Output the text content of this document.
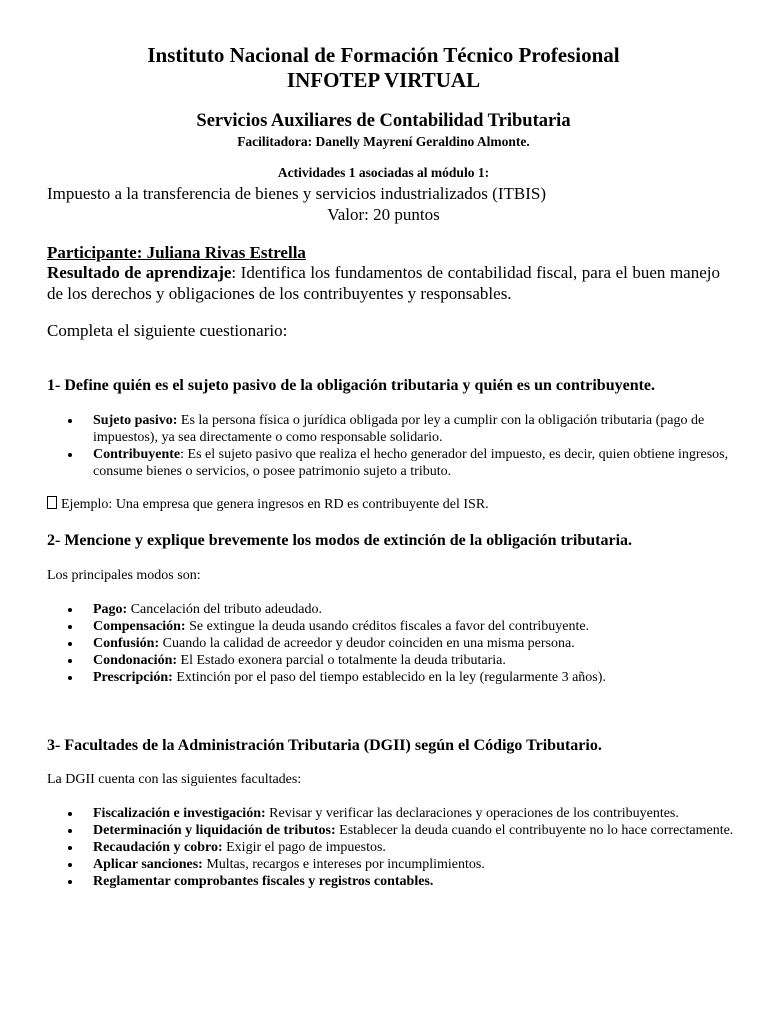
Instituto Nacional de Formación Técnico Profesional
INFOTEP VIRTUAL
Servicios Auxiliares de Contabilidad Tributaria
Facilitadora: Danelly Mayrení Geraldino Almonte.
Actividades 1 asociadas al módulo 1:
Impuesto a la transferencia de bienes y servicios industrializados (ITBIS)
Valor: 20 puntos
Participante: Juliana Rivas Estrella
Resultado de aprendizaje: Identifica los fundamentos de contabilidad fiscal, para el buen manejo de los derechos y obligaciones de los contribuyentes y responsables.
Completa el siguiente cuestionario:
1- Define quién es el sujeto pasivo de la obligación tributaria y quién es un contribuyente.
Sujeto pasivo: Es la persona física o jurídica obligada por ley a cumplir con la obligación tributaria (pago de impuestos), ya sea directamente o como responsable solidario.
Contribuyente: Es el sujeto pasivo que realiza el hecho generador del impuesto, es decir, quien obtiene ingresos, consume bienes o servicios, o posee patrimonio sujeto a tributo.
Ejemplo: Una empresa que genera ingresos en RD es contribuyente del ISR.
2- Mencione y explique brevemente los modos de extinción de la obligación tributaria.
Los principales modos son:
Pago: Cancelación del tributo adeudado.
Compensación: Se extingue la deuda usando créditos fiscales a favor del contribuyente.
Confusión: Cuando la calidad de acreedor y deudor coinciden en una misma persona.
Condonación: El Estado exonera parcial o totalmente la deuda tributaria.
Prescripción: Extinción por el paso del tiempo establecido en la ley (regularmente 3 años).
3- Facultades de la Administración Tributaria (DGII) según el Código Tributario.
La DGII cuenta con las siguientes facultades:
Fiscalización e investigación: Revisar y verificar las declaraciones y operaciones de los contribuyentes.
Determinación y liquidación de tributos: Establecer la deuda cuando el contribuyente no lo hace correctamente.
Recaudación y cobro: Exigir el pago de impuestos.
Aplicar sanciones: Multas, recargos e intereses por incumplimientos.
Reglamentar comprobantes fiscales y registros contables.
